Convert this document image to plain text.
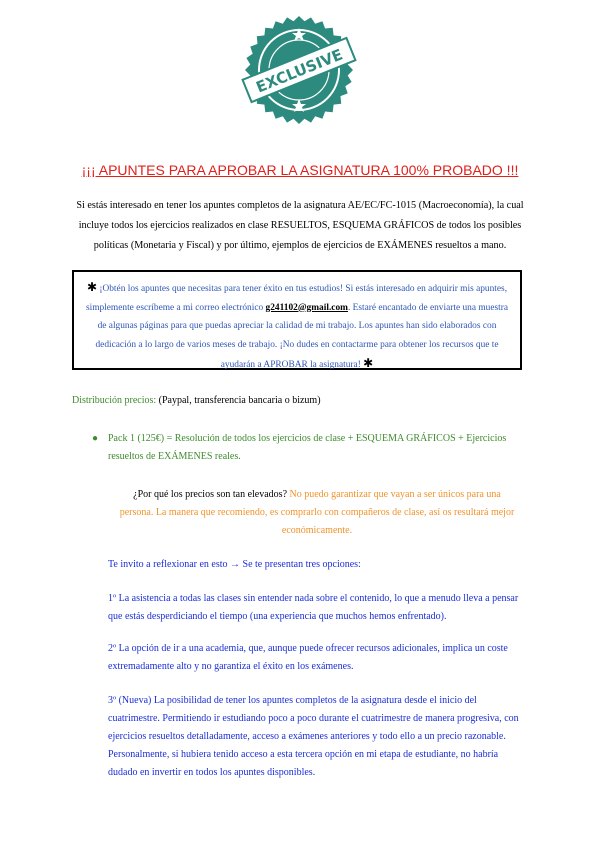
EXCLUSIVE
¡¡¡ APUNTES PARA APROBAR LA ASIGNATURA 100% PROBADO !!!
Si estás interesado en tener los apuntes completos de la asignatura AE/EC/FC-1015 (Macroeconomía), la cual incluye todos los ejercicios realizados en clase RESUELTOS, ESQUEMA GRÁFICOS de todos los posibles políticas (Monetaria y Fiscal) y por último, ejemplos de ejercicios de EXÁMENES resueltos a mano.
✱ ¡Obtén los apuntes que necesitas para tener éxito en tus estudios! Si estás interesado en adquirir mis apuntes, simplemente escríbeme a mi correo electrónico g241102@gmail.com. Estaré encantado de enviarte una muestra de algunas páginas para que puedas apreciar la calidad de mi trabajo. Los apuntes han sido elaborados con dedicación a lo largo de varios meses de trabajo. ¡No dudes en contactarme para obtener los recursos que te ayudarán a APROBAR la asignatura! ✱
Distribución precios: (Paypal, transferencia bancaria o bizum)
● Pack 1 (125€) = Resolución de todos los ejercicios de clase + ESQUEMA GRÁFICOS + Ejercicios resueltos de EXÁMENES reales.
¿Por qué los precios son tan elevados? No puedo garantizar que vayan a ser únicos para una persona. La manera que recomiendo, es comprarlo con compañeros de clase, así os resultará mejor económicamente.
Te invito a reflexionar en esto → Se te presentan tres opciones:
1º La asistencia a todas las clases sin entender nada sobre el contenido, lo que a menudo lleva a pensar que estás desperdiciando el tiempo (una experiencia que muchos hemos enfrentado).
2º La opción de ir a una academia, que, aunque puede ofrecer recursos adicionales, implica un coste extremadamente alto y no garantiza el éxito en los exámenes.
3º (Nueva) La posibilidad de tener los apuntes completos de la asignatura desde el inicio del cuatrimestre. Permitiendo ir estudiando poco a poco durante el cuatrimestre de manera progresiva, con ejercicios resueltos detalladamente, acceso a exámenes anteriores y todo ello a un precio razonable. Personalmente, si hubiera tenido acceso a esta tercera opción en mi etapa de estudiante, no habría dudado en invertir en todos los apuntes disponibles.
